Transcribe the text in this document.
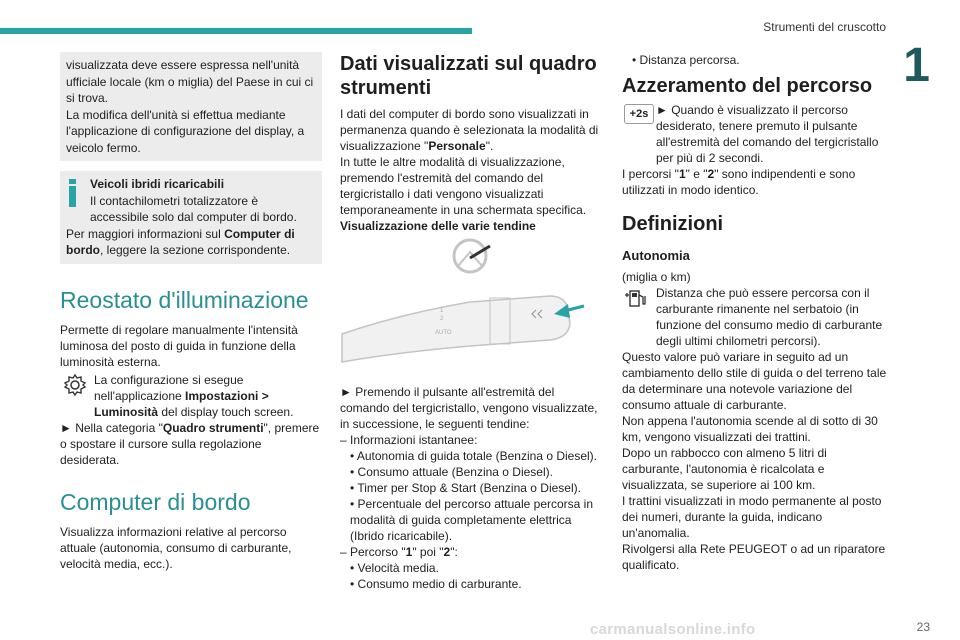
Strumenti del cruscotto
1

visualizzata deve essere espressa nell'unità ufficiale locale (km o miglia) del Paese in cui ci si trova.

La modifica dell'unità si effettua mediante l'applicazione di configurazione del display, a veicolo fermo.

Veicoli ibridi ricaricabili

Il contachilometri totalizzatore è accessibile solo dal computer di bordo.

Per maggiori informazioni sul Computer di bordo, leggere la sezione corrispondente.

Reostato d'illuminazione

Permette di regolare manualmente l'intensità luminosa del posto di guida in funzione della luminosità esterna.

La configurazione si esegue nell'applicazione Impostazioni > Luminosità del display touch screen.

► Nella categoria "Quadro strumenti", premere o spostare il cursore sulla regolazione desiderata.

Computer di bordo

Visualizza informazioni relative al percorso attuale (autonomia, consumo di carburante, velocità media, ecc.).

Dati visualizzati sul quadro strumenti

I dati del computer di bordo sono visualizzati in permanenza quando è selezionata la modalità di visualizzazione "Personale".

In tutte le altre modalità di visualizzazione, premendo l'estremità del comando del tergicristallo i dati vengono visualizzati temporaneamente in una schermata specifica.

Visualizzazione delle varie tendine

AUTO
2
1

► Premendo il pulsante all'estremità del comando del tergicristallo, vengono visualizzate, in successione, le seguenti tendine:

– Informazioni istantanee:

• Autonomia di guida totale (Benzina o Diesel).

• Consumo attuale (Benzina o Diesel).

• Timer per Stop & Start (Benzina o Diesel).

• Percentuale del percorso attuale percorsa in modalità di guida completamente elettrica (Ibrido ricaricabile).

– Percorso "1" poi "2":

• Velocità media.

• Consumo medio di carburante.

• Distanza percorsa.

Azzeramento del percorso
+2s ► Quando è visualizzato il percorso desiderato, tenere premuto il pulsante all'estremità del comando del tergicristallo per più di 2 secondi.

I percorsi "1" e "2" sono indipendenti e sono utilizzati in modo identico.

Definizioni
Autonomia

(miglia o km)

Distanza che può essere percorsa con il carburante rimanente nel serbatoio (in funzione del consumo medio di carburante degli ultimi chilometri percorsi).

Questo valore può variare in seguito ad un cambiamento dello stile di guida o del terreno tale da determinare una notevole variazione del consumo attuale di carburante.

Non appena l'autonomia scende al di sotto di 30 km, vengono visualizzati dei trattini.

Dopo un rabbocco con almeno 5 litri di carburante, l'autonomia è ricalcolata e visualizzata, se superiore ai 100 km.

I trattini visualizzati in modo permanente al posto dei numeri, durante la guida, indicano un'anomalia.

Rivolgersi alla Rete PEUGEOT o ad un riparatore qualificato.

carmanualsonline.info	23
